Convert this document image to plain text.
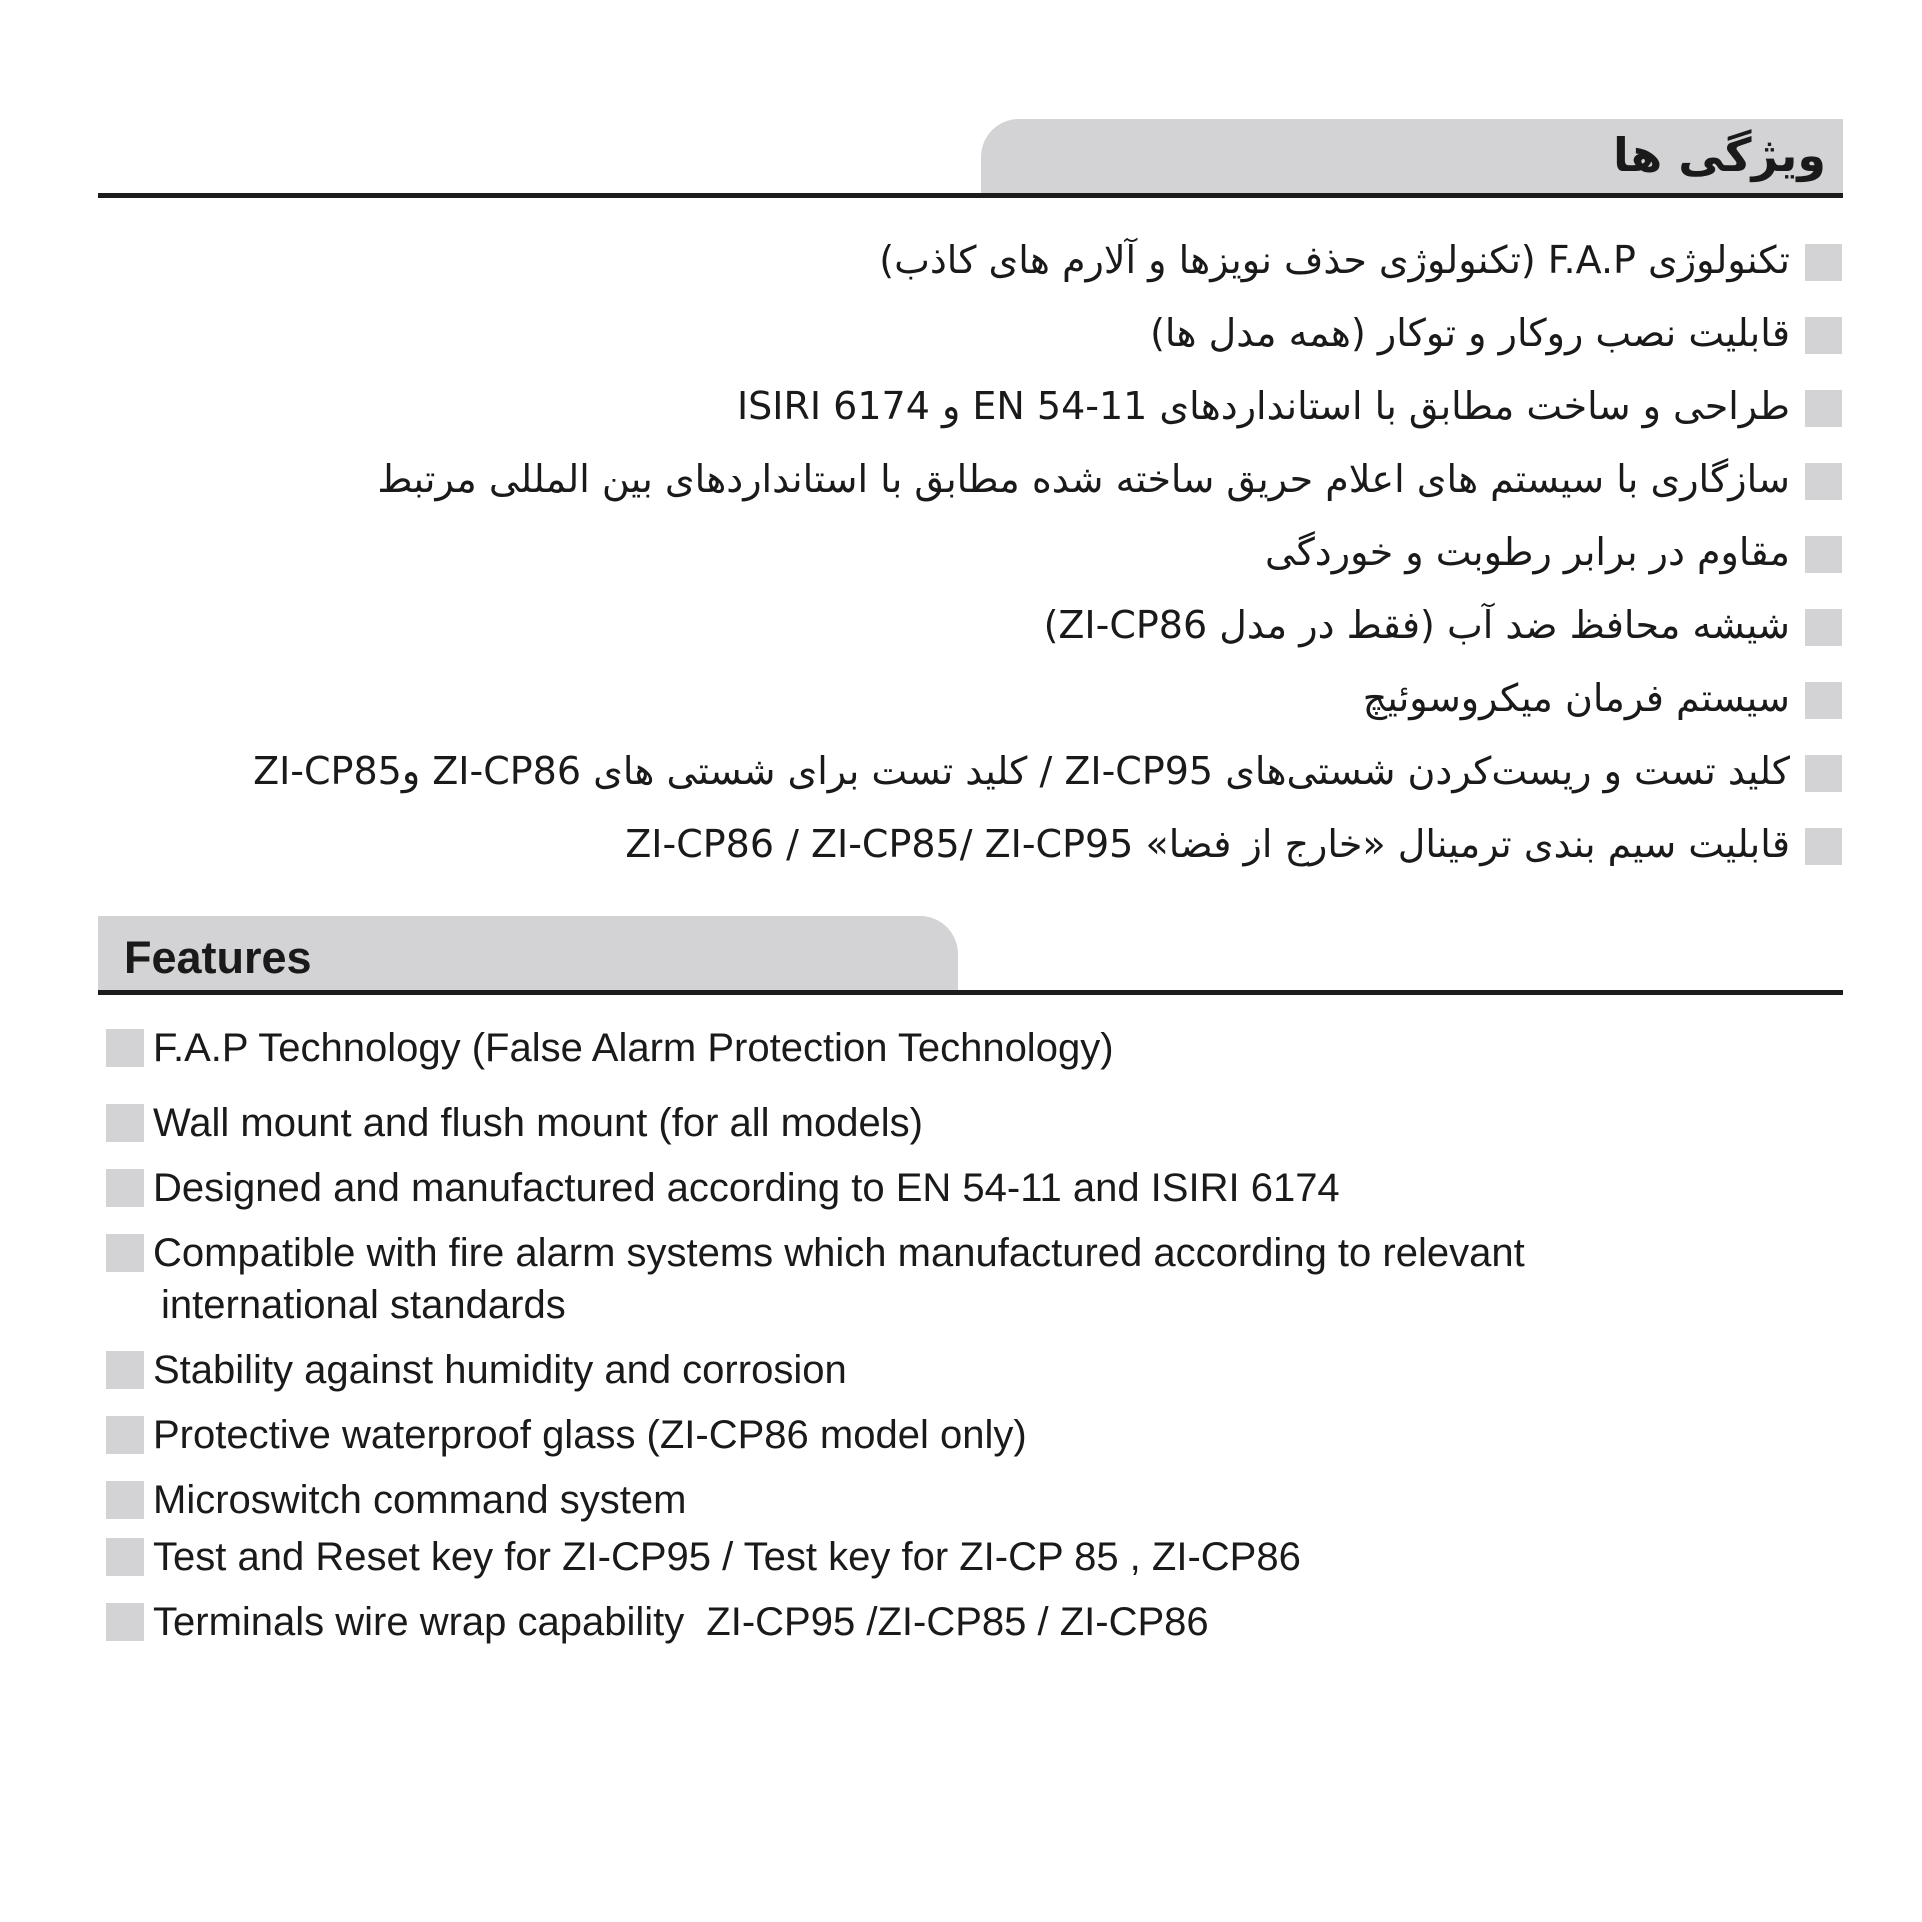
ویژگی ها
تکنولوژی F.A.P (تکنولوژی حذف نویزها و آلارم های کاذب)
قابلیت نصب روکار و توکار (همه مدل ها)
طراحی و ساخت مطابق با استانداردهای EN 54-11 و ISIRI 6174
سازگاری با سیستم های اعلام حریق ساخته شده مطابق با استانداردهای بین المللی مرتبط
مقاوم در برابر رطوبت و خوردگی
شیشه محافظ ضد آب (فقط در مدل ZI-CP86)
سیستم فرمان میکروسوئیچ
کلید تست و ریست‌کردن شستی‌های ZI-CP95 / کلید تست برای شستی های ZI-CP86 وZI-CP85
قابلیت سیم بندی ترمینال «خارج از فضا» ZI-CP86 / ZI-CP85/ ZI-CP95
Features
F.A.P Technology (False Alarm Protection Technology)
Wall mount and flush mount (for all models)
Designed and manufactured according to EN 54-11 and ISIRI 6174
Compatible with fire alarm systems which manufactured according to relevant
international standards
Stability against humidity and corrosion
Protective waterproof glass (ZI-CP86 model only)
Microswitch command system
Test and Reset key for ZI-CP95 / Test key for ZI-CP 85 , ZI-CP86
Terminals wire wrap capability ZI-CP95 /ZI-CP85 / ZI-CP86
